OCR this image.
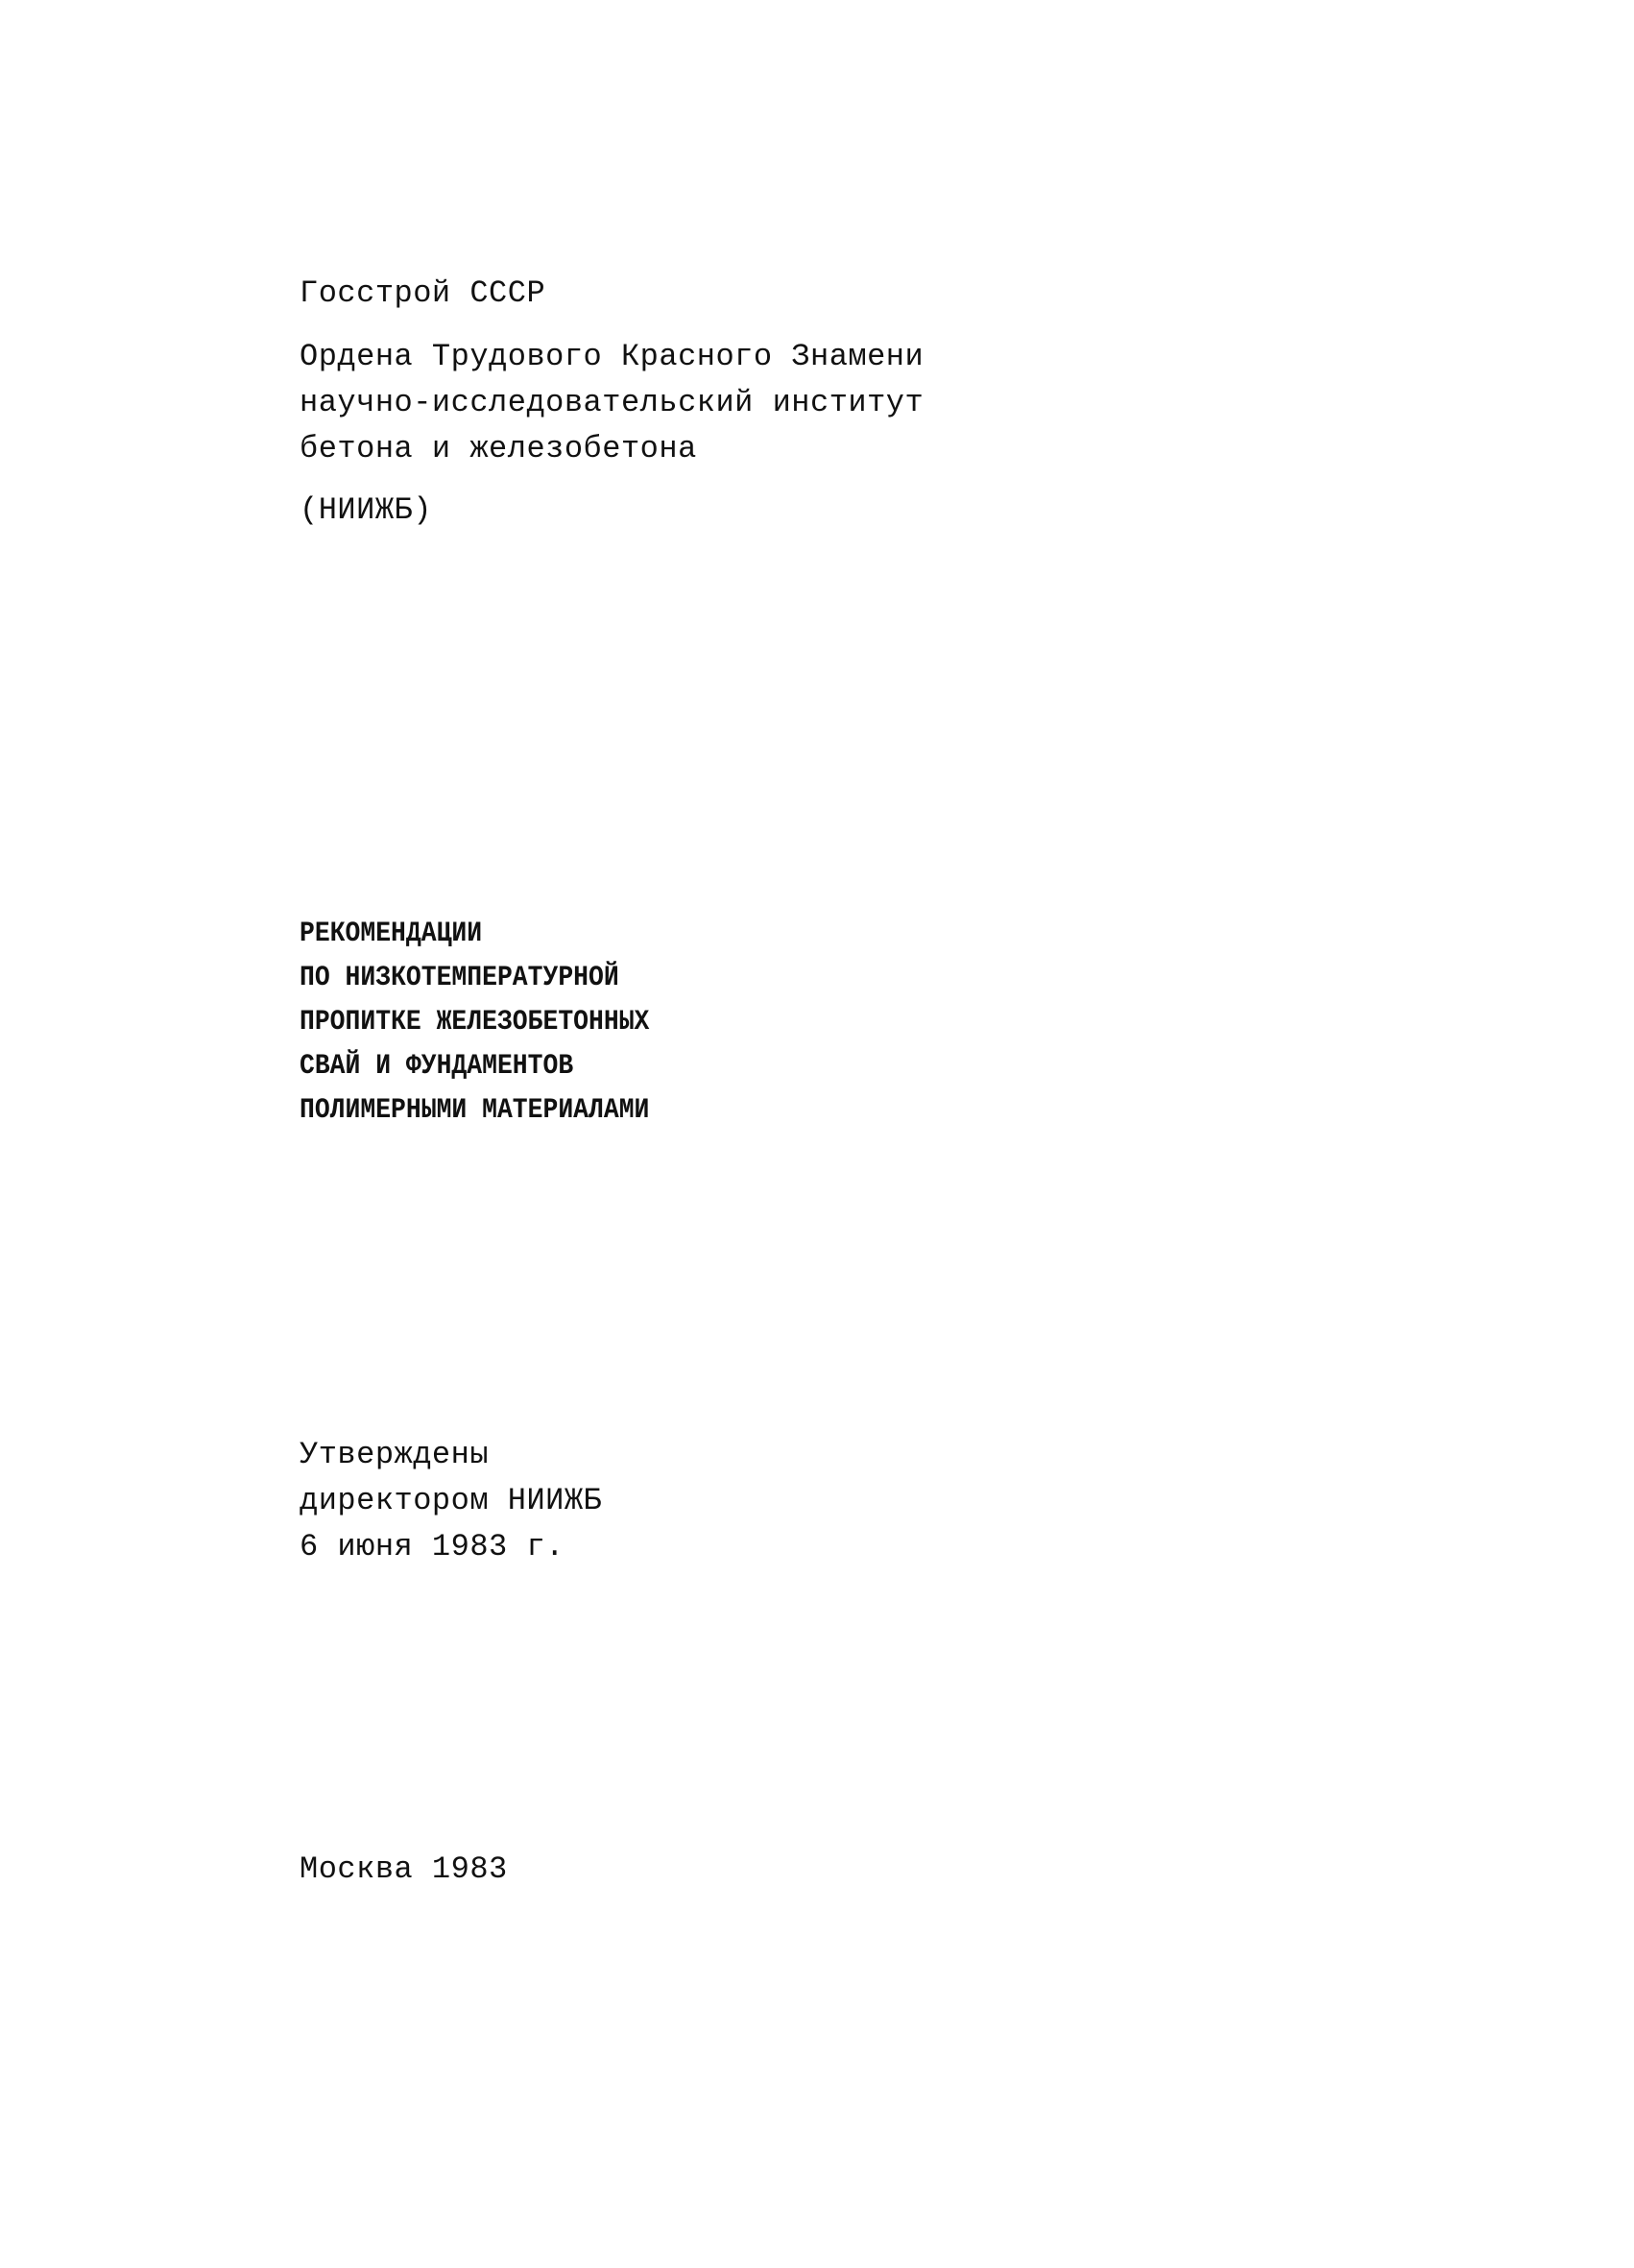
Госстрой СССР

Ордена Трудового Красного Знамени
научно-исследовательский институт
бетона и железобетона

(НИИЖБ)

РЕКОМЕНДАЦИИ
ПО НИЗКОТЕМПЕРАТУРНОЙ
ПРОПИТКЕ ЖЕЛЕЗОБЕТОННЫХ
СВАЙ И ФУНДАМЕНТОВ
ПОЛИМЕРНЫМИ МАТЕРИАЛАМИ

Утверждены
директором НИИЖБ
6 июня 1983 г.

Москва 1983
